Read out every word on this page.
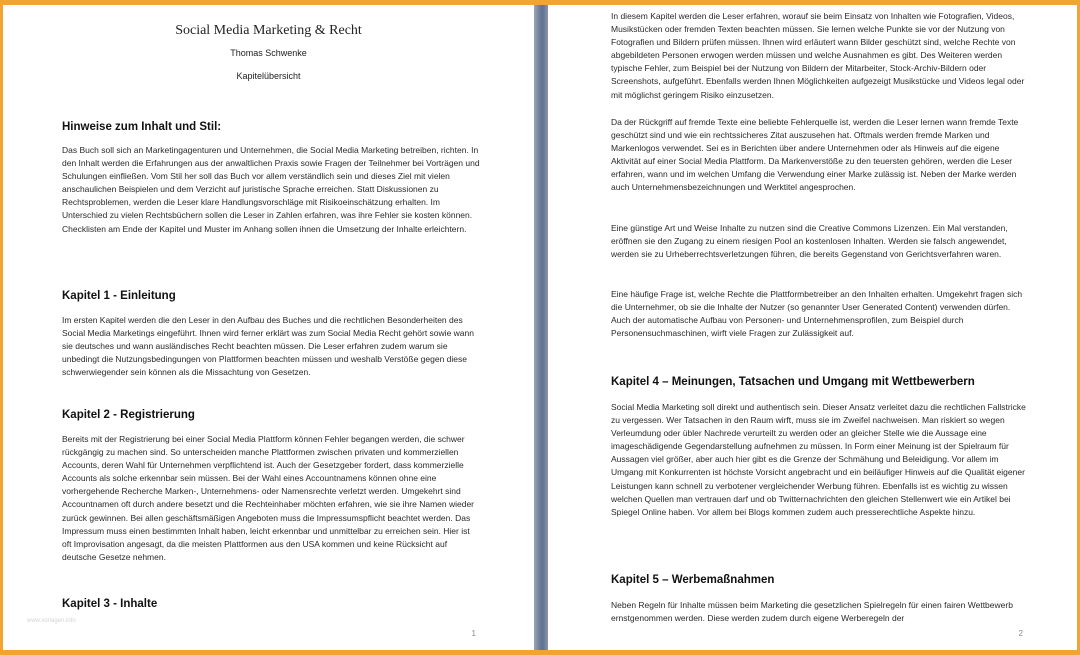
Social Media Marketing & Recht
Thomas Schwenke
Kapitelübersicht
Hinweise zum Inhalt und Stil:

Das Buch soll sich an Marketingagenturen und Unternehmen, die Social Media Marketing betreiben, richten. In den Inhalt werden die Erfahrungen aus der anwaltlichen Praxis sowie Fragen der Teilnehmer bei Vorträgen und Schulungen einfließen. Vom Stil her soll das Buch vor allem verständlich sein und dieses Ziel mit vielen anschaulichen Beispielen und dem Verzicht auf juristische Sprache erreichen. Statt Diskussionen zu Rechtsproblemen, werden die Leser klare Handlungsvorschläge mit Risikoeinschätzung erhalten. Im Unterschied zu vielen Rechtsbüchern sollen die Leser in Zahlen erfahren, was ihre Fehler sie kosten können. Checklisten am Ende der Kapitel und Muster im Anhang sollen ihnen die Umsetzung der Inhalte erleichtern.

Kapitel 1 - Einleitung

Im ersten Kapitel werden die den Leser in den Aufbau des Buches und die rechtlichen Besonderheiten des Social Media Marketings eingeführt. Ihnen wird ferner erklärt was zum Social Media Recht gehört sowie wann sie deutsches und wann ausländisches Recht beachten müssen. Die Leser erfahren zudem warum sie unbedingt die Nutzungsbedingungen von Plattformen beachten müssen und weshalb Verstöße gegen diese schwerwiegender sein können als die Missachtung von Gesetzen.

Kapitel 2 - Registrierung

Bereits mit der Registrierung bei einer Social Media Plattform können Fehler begangen werden, die schwer rückgängig zu machen sind. So unterscheiden manche Plattformen zwischen privaten und kommerziellen Accounts, deren Wahl für Unternehmen verpflichtend ist. Auch der Gesetzgeber fordert, dass kommerzielle Accounts als solche erkennbar sein müssen. Bei der Wahl eines Accountnamens können ohne eine vorhergehende Recherche Marken-, Unternehmens- oder Namensrechte verletzt werden. Umgekehrt sind Accountnamen oft durch andere besetzt und die Rechteinhaber möchten erfahren, wie sie ihre Namen wieder zurück gewinnen. Bei allen geschäftsmäßigen Angeboten muss die Impressumspflicht beachtet werden. Das Impressum muss einen bestimmten Inhalt haben, leicht erkennbar und unmittelbar zu erreichen sein. Hier ist oft Improvisation angesagt, da die meisten Plattformen aus den USA kommen und keine Rücksicht auf deutsche Gesetze nehmen.

Kapitel 3 - Inhalte
www.vorlagen.info
1

In diesem Kapitel werden die Leser erfahren, worauf sie beim Einsatz von Inhalten wie Fotografien, Videos, Musikstücken oder fremden Texten beachten müssen. Sie lernen welche Punkte sie vor der Nutzung von Fotografien und Bildern prüfen müssen. Ihnen wird erläutert wann Bilder geschützt sind, welche Rechte von abgebildeten Personen erwogen werden müssen und welche Ausnahmen es gibt. Des Weiteren werden typische Fehler, zum Beispiel bei der Nutzung von Bildern der Mitarbeiter, Stock-Archiv-Bildern oder Screenshots, aufgeführt. Ebenfalls werden Ihnen Möglichkeiten aufgezeigt Musikstücke und Videos legal oder mit möglichst geringem Risiko einzusetzen.

Da der Rückgriff auf fremde Texte eine beliebte Fehlerquelle ist, werden die Leser lernen wann fremde Texte geschützt sind und wie ein rechtssicheres Zitat auszusehen hat. Oftmals werden fremde Marken und Markenlogos verwendet. Sei es in Berichten über andere Unternehmen oder als Hinweis auf die eigene Aktivität auf einer Social Media Plattform. Da Markenverstöße zu den teuersten gehören, werden die Leser erfahren, wann und im welchen Umfang die Verwendung einer Marke zulässig ist. Neben der Marke werden auch Unternehmensbezeichnungen und Werktitel angesprochen.

Eine günstige Art und Weise Inhalte zu nutzen sind die Creative Commons Lizenzen. Ein Mal verstanden, eröffnen sie den Zugang zu einem riesigen Pool an kostenlosen Inhalten. Werden sie falsch angewendet, werden sie zu Urheberrechtsverletzungen führen, die bereits Gegenstand von Gerichtsverfahren waren.

Eine häufige Frage ist, welche Rechte die Plattformbetreiber an den Inhalten erhalten. Umgekehrt fragen sich die Unternehmer, ob sie die Inhalte der Nutzer (so genannter User Generated Content) verwenden dürfen. Auch der automatische Aufbau von Personen- und Unternehmensprofilen, zum Beispiel durch Personensuchmaschinen, wirft viele Fragen zur Zulässigkeit auf.

Kapitel 4 – Meinungen, Tatsachen und Umgang mit Wettbewerbern

Social Media Marketing soll direkt und authentisch sein. Dieser Ansatz verleitet dazu die rechtlichen Fallstricke zu vergessen. Wer Tatsachen in den Raum wirft, muss sie im Zweifel nachweisen. Man riskiert so wegen Verleumdung oder übler Nachrede verurteilt zu werden oder an gleicher Stelle wie die Aussage eine imageschädigende Gegendarstellung aufnehmen zu müssen. In Form einer Meinung ist der Spielraum für Aussagen viel größer, aber auch hier gibt es die Grenze der Schmähung und Beleidigung. Vor allem im Umgang mit Konkurrenten ist höchste Vorsicht angebracht und ein beiläufiger Hinweis auf die Qualität eigener Leistungen kann schnell zu verbotener vergleichender Werbung führen. Ebenfalls ist es wichtig zu wissen welchen Quellen man vertrauen darf und ob Twitternachrichten den gleichen Stellenwert wie ein Artikel bei Spiegel Online haben. Vor allem bei Blogs kommen zudem auch presserechtliche Aspekte hinzu.

Kapitel 5 – Werbemaßnahmen

Neben Regeln für Inhalte müssen beim Marketing die gesetzlichen Spielregeln für einen fairen Wettbewerb ernstgenommen werden. Diese werden zudem durch eigene Werberegeln der

2
